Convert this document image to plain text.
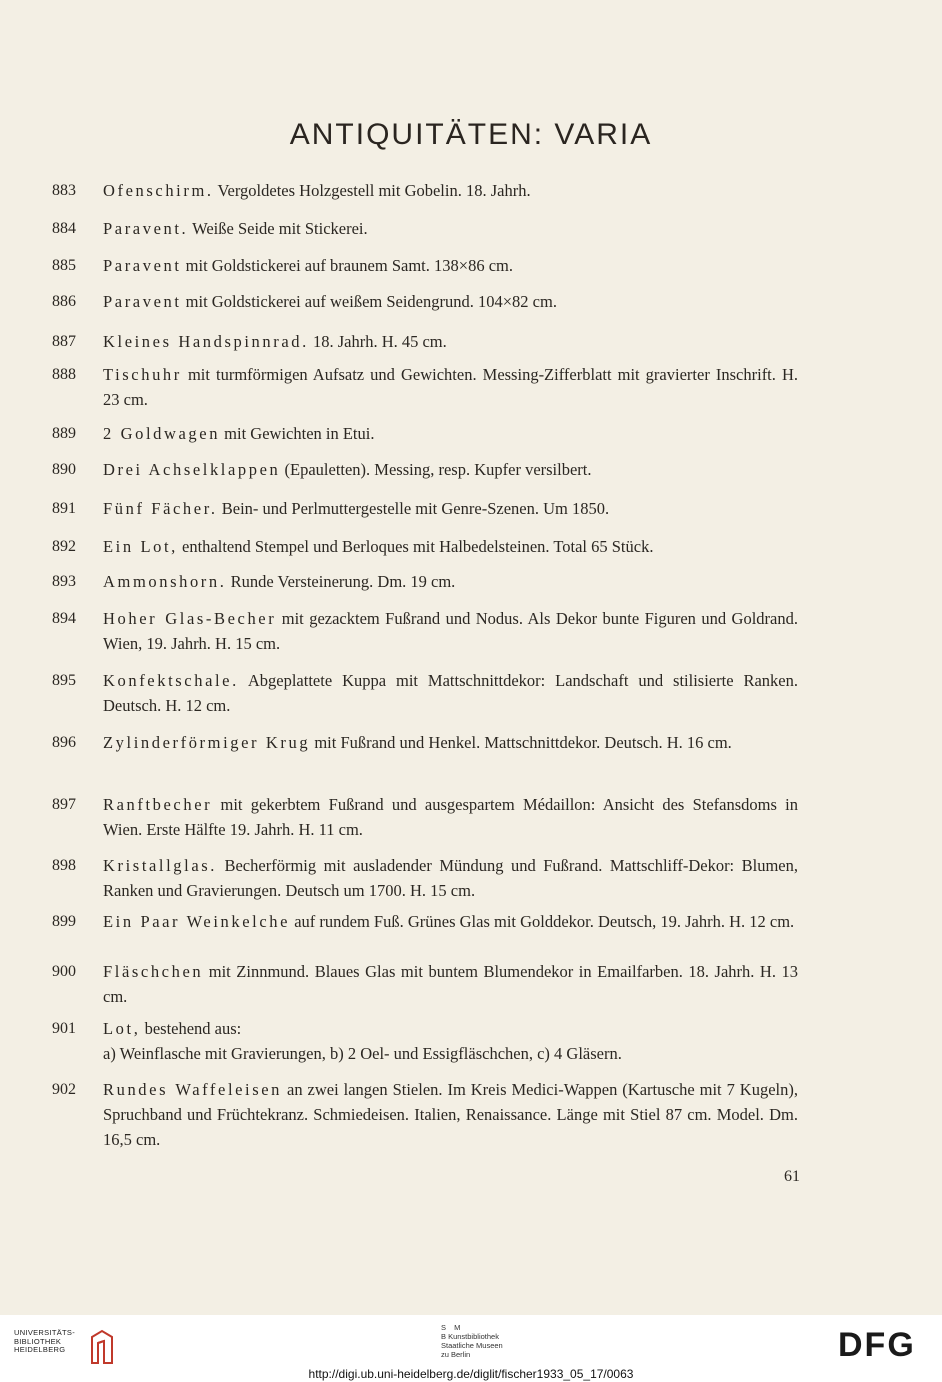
ANTIQUITÄTEN: VARIA
883	Ofenschirm. Vergoldetes Holzgestell mit Gobelin. 18. Jahrh.
884	Paravent. Weiße Seide mit Stickerei.
885	Paravent mit Goldstickerei auf braunem Samt. 138×86 cm.
886	Paravent mit Goldstickerei auf weißem Seidengrund. 104×82 cm.
887	Kleines Handspinnrad. 18. Jahrh. H. 45 cm.
888	Tischuhr mit turmförmigen Aufsatz und Gewichten. Messing-Zifferblatt mit gravierter Inschrift. H. 23 cm.
889	2 Goldwagen mit Gewichten in Etui.
890	Drei Achselklappen (Epauletten). Messing, resp. Kupfer versilbert.
891	Fünf Fächer. Bein- und Perlmuttergestelle mit Genre-Szenen. Um 1850.
892	Ein Lot, enthaltend Stempel und Berloques mit Halbedelsteinen. Total 65 Stück.
893	Ammonshorn. Runde Versteinerung. Dm. 19 cm.
894	Hoher Glas-Becher mit gezacktem Fußrand und Nodus. Als Dekor bunte Figuren und Goldrand. Wien, 19. Jahrh. H. 15 cm.
895	Konfektschale. Abgeplattete Kuppa mit Mattschnittdekor: Landschaft und stilisierte Ranken. Deutsch. H. 12 cm.
896	Zylinderförmiger Krug mit Fußrand und Henkel. Mattschnittdekor. Deutsch. H. 16 cm.
897	Ranftbecher mit gekerbtem Fußrand und ausgespartem Médaillon: Ansicht des Stefansdoms in Wien. Erste Hälfte 19. Jahrh. H. 11 cm.
898	Kristallglas. Becherförmig mit ausladender Mündung und Fußrand. Mattschliff-Dekor: Blumen, Ranken und Gravierungen. Deutsch um 1700. H. 15 cm.
899	Ein Paar Weinkelche auf rundem Fuß. Grünes Glas mit Golddekor. Deutsch, 19. Jahrh. H. 12 cm.
900	Fläschchen mit Zinnmund. Blaues Glas mit buntem Blumendekor in Emailfarben. 18. Jahrh. H. 13 cm.
901	Lot, bestehend aus:
a) Weinflasche mit Gravierungen, b) 2 Oel- und Essigfläschchen, c) 4 Gläsern.
902	Rundes Waffeleisen an zwei langen Stielen. Im Kreis Medici-Wappen (Kartusche mit 7 Kugeln), Spruchband und Früchtekranz. Schmiedeisen. Italien, Renaissance. Länge mit Stiel 87 cm. Model. Dm. 16,5 cm.
61
UNIVERSITÄTS-
BIBLIOTHEK
HEIDELBERG
S M
B Kunstbibliothek
Staatliche Museen
zu Berlin	DFG
http://digi.ub.uni-heidelberg.de/diglit/fischer1933_05_17/0063
